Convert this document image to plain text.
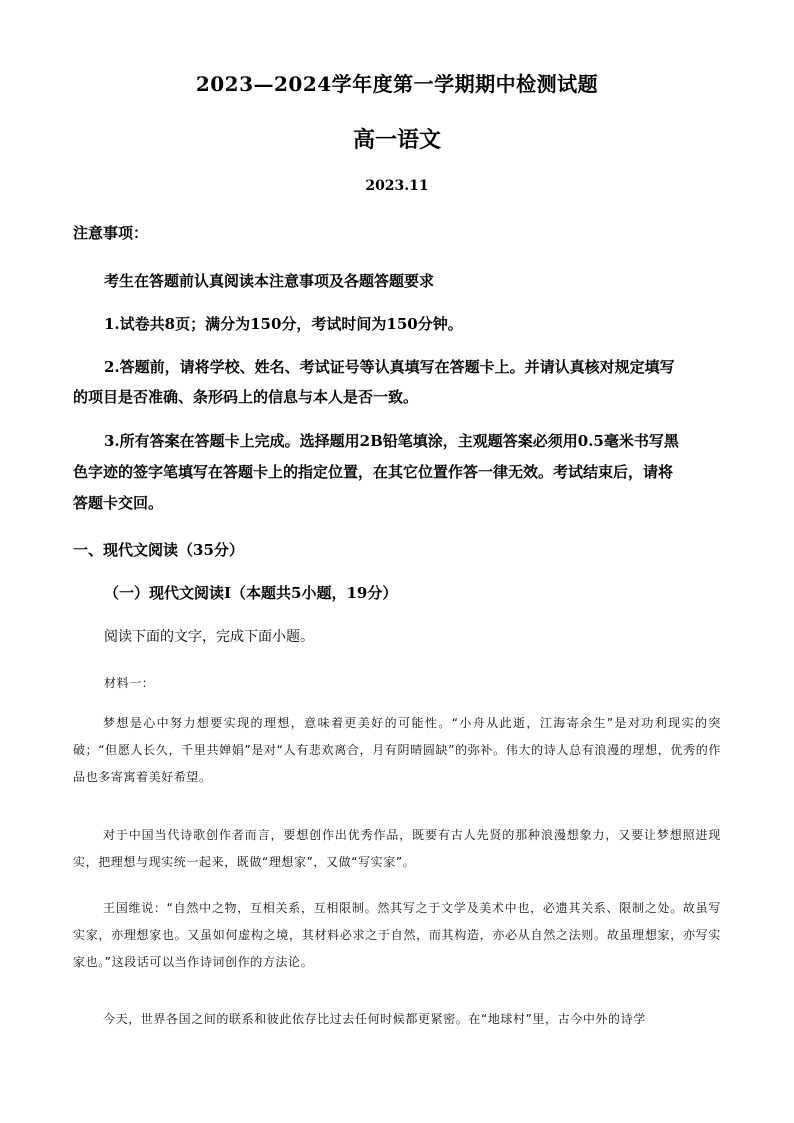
2023—2024学年度第一学期期中检测试题
高一语文
2023.11
注意事项：
考生在答题前认真阅读本注意事项及各题答题要求
1.试卷共8页；满分为150分，考试时间为150分钟。
2.答题前，请将学校、姓名、考试证号等认真填写在答题卡上。并请认真核对规定填写
的项目是否准确、条形码上的信息与本人是否一致。
3.所有答案在答题卡上完成。选择题用2B铅笔填涂，主观题答案必须用0.5毫米书写黑
色字迹的签字笔填写在答题卡上的指定位置，在其它位置作答一律无效。考试结束后，请将
答题卡交回。
一、现代文阅读（35分）
（一）现代文阅读Ⅰ（本题共5小题，19分）
阅读下面的文字，完成下面小题。
材料一：
梦想是心中努力想要实现的理想，意味着更美好的可能性。“小舟从此逝，江海寄余生”是对功利现实的突破；“但愿人长久，千里共婵娟”是对“人有悲欢离合，月有阴晴圆缺”的弥补。伟大的诗人总有浪漫的理想，优秀的作品也多寄寓着美好希望。
对于中国当代诗歌创作者而言，要想创作出优秀作品，既要有古人先贤的那种浪漫想象力，又要让梦想照进现实，把理想与现实统一起来，既做“理想家”，又做“写实家”。
王国维说：“自然中之物，互相关系，互相限制。然其写之于文学及美术中也，必遗其关系、限制之处。故虽写实家，亦理想家也。又虽如何虚构之境，其材料必求之于自然，而其构造，亦必从自然之法则。故虽理想家，亦写实家也。”这段话可以当作诗词创作的方法论。
今天，世界各国之间的联系和彼此依存比过去任何时候都更紧密。在“地球村”里，古今中外的诗学
